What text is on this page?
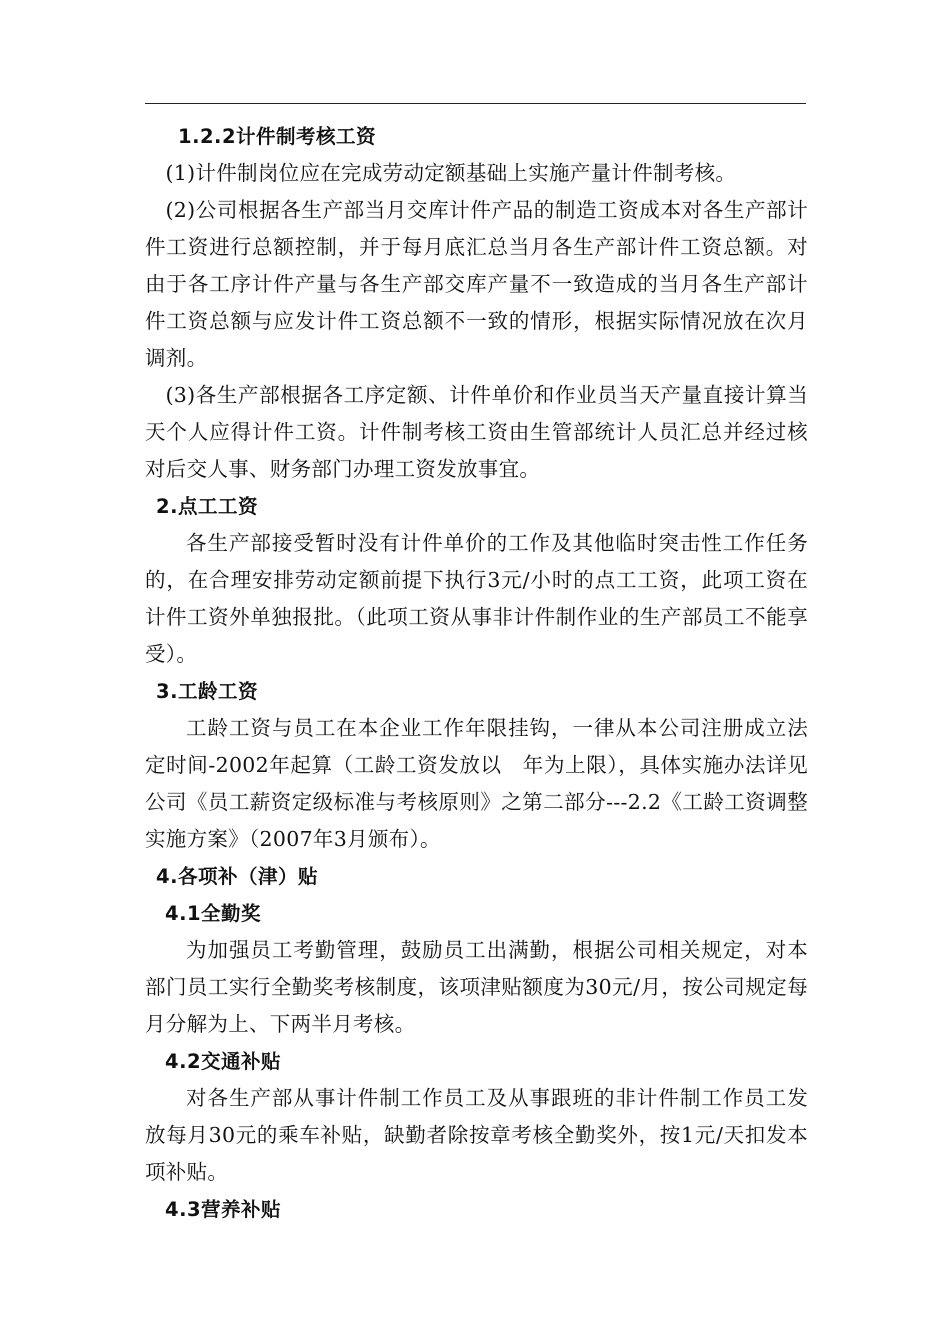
1.2.2计件制考核工资

(1)计件制岗位应在完成劳动定额基础上实施产量计件制考核。

(2)公司根据各生产部当月交库计件产品的制造工资成本对各生产部计件工资进行总额控制，并于每月底汇总当月各生产部计件工资总额。对由于各工序计件产量与各生产部交库产量不一致造成的当月各生产部计件工资总额与应发计件工资总额不一致的情形，根据实际情况放在次月调剂。

(3)各生产部根据各工序定额、计件单价和作业员当天产量直接计算当天个人应得计件工资。计件制考核工资由生管部统计人员汇总并经过核对后交人事、财务部门办理工资发放事宜。

2.点工工资

各生产部接受暂时没有计件单价的工作及其他临时突击性工作任务的，在合理安排劳动定额前提下执行3元/小时的点工工资，此项工资在计件工资外单独报批。（此项工资从事非计件制作业的生产部员工不能享受）。

3.工龄工资

工龄工资与员工在本企业工作年限挂钩，一律从本公司注册成立法定时间-2002年起算（工龄工资发放以　年为上限），具体实施办法详见公司《员工薪资定级标准与考核原则》之第二部分---2.2《工龄工资调整实施方案》（2007年3月颁布）。

4.各项补（津）贴

4.1全勤奖

为加强员工考勤管理，鼓励员工出满勤，根据公司相关规定，对本部门员工实行全勤奖考核制度，该项津贴额度为30元/月，按公司规定每月分解为上、下两半月考核。

4.2交通补贴

对各生产部从事计件制工作员工及从事跟班的非计件制工作员工发放每月30元的乘车补贴，缺勤者除按章考核全勤奖外，按1元/天扣发本项补贴。

4.3营养补贴
